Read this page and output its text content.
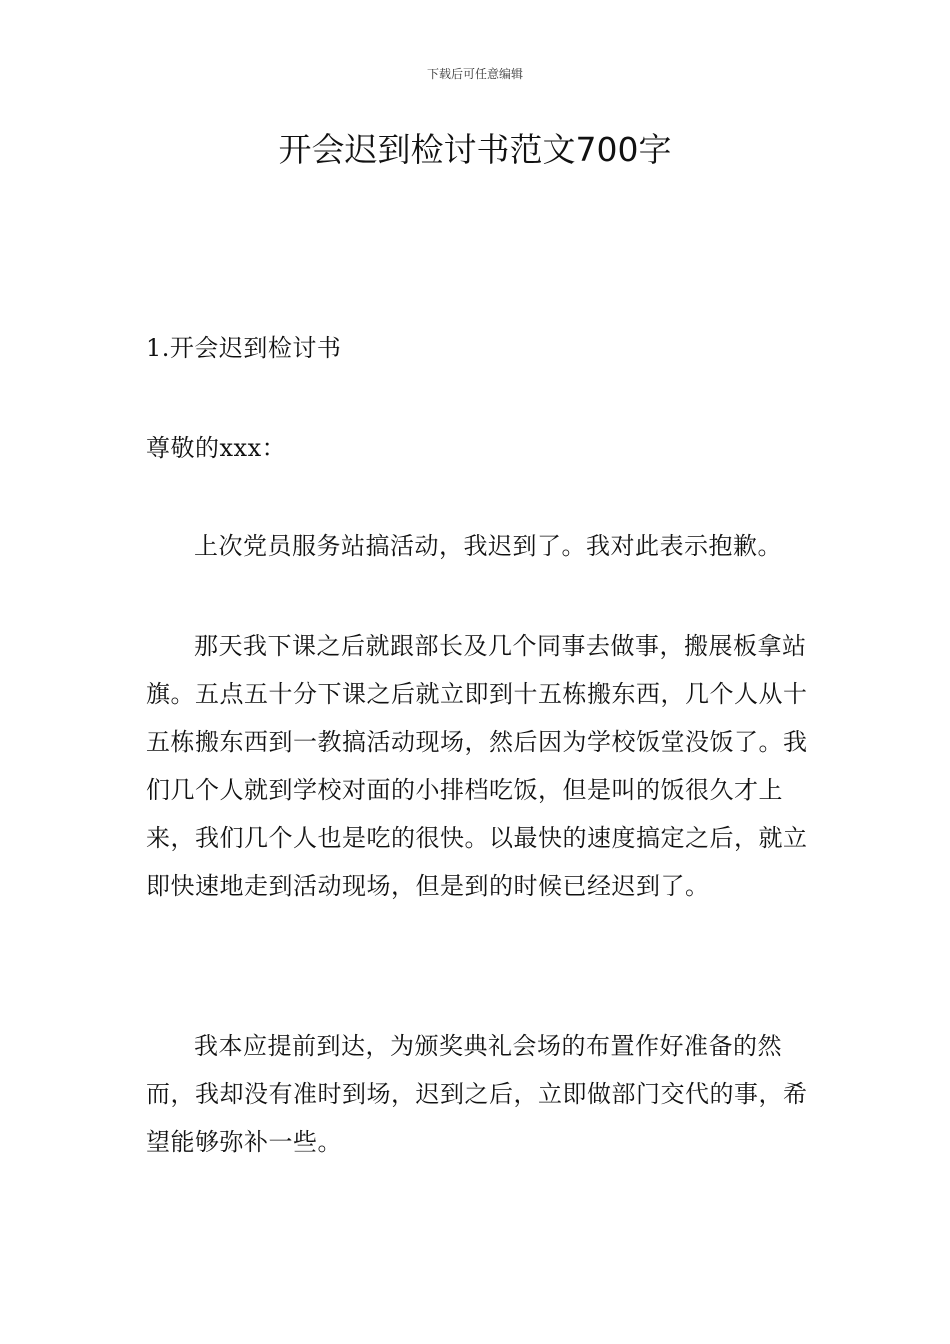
下载后可任意编辑
开会迟到检讨书范文700字

1.开会迟到检讨书

尊敬的xxx：

上次党员服务站搞活动，我迟到了。我对此表示抱歉。

那天我下课之后就跟部长及几个同事去做事，搬展板拿站旗。五点五十分下课之后就立即到十五栋搬东西，几个人从十五栋搬东西到一教搞活动现场，然后因为学校饭堂没饭了。我们几个人就到学校对面的小排档吃饭，但是叫的饭很久才上来，我们几个人也是吃的很快。以最快的速度搞定之后，就立即快速地走到活动现场，但是到的时候已经迟到了。

我本应提前到达，为颁奖典礼会场的布置作好准备的然而，我却没有准时到场，迟到之后，立即做部门交代的事，希望能够弥补一些。
